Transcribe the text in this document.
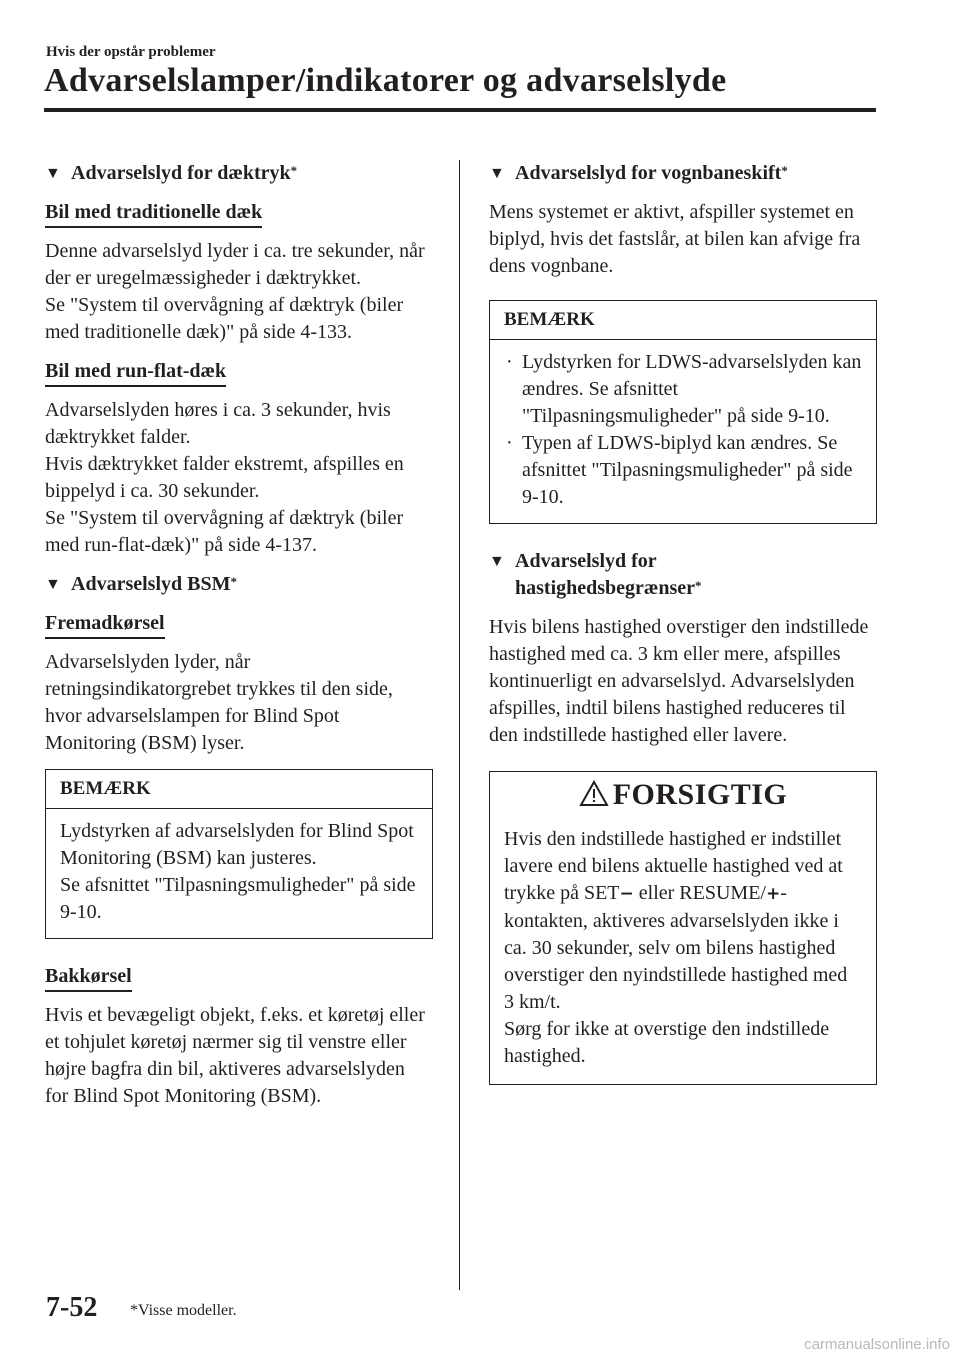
Hvis der opstår problemer
Advarselslamper/indikatorer og advarselslyde
▼ Advarselslyd for dæktryk*
Bil med traditionelle dæk
Denne advarselslyd lyder i ca. tre sekunder, når der er uregelmæssigheder i dæktrykket.
Se "System til overvågning af dæktryk (biler med traditionelle dæk)" på side 4-133.
Bil med run-flat-dæk
Advarselslyden høres i ca. 3 sekunder, hvis dæktrykket falder.
Hvis dæktrykket falder ekstremt, afspilles en bippelyd i ca. 30 sekunder.
Se "System til overvågning af dæktryk (biler med run-flat-dæk)" på side 4-137.
▼ Advarselslyd BSM*
Fremadkørsel
Advarselslyden lyder, når retningsindikatorgrebet trykkes til den side, hvor advarselslampen for Blind Spot Monitoring (BSM) lyser.
BEMÆRK
Lydstyrken af advarselslyden for Blind Spot Monitoring (BSM) kan justeres.
Se afsnittet "Tilpasningsmuligheder" på side 9-10.
Bakkørsel
Hvis et bevægeligt objekt, f.eks. et køretøj eller et tohjulet køretøj nærmer sig til venstre eller højre bagfra din bil, aktiveres advarselslyden for Blind Spot Monitoring (BSM).
▼ Advarselslyd for vognbaneskift*
Mens systemet er aktivt, afspiller systemet en biplyd, hvis det fastslår, at bilen kan afvige fra dens vognbane.
BEMÆRK
· Lydstyrken for LDWS-advarselslyden kan ændres. Se afsnittet "Tilpasningsmuligheder" på side 9-10.
· Typen af LDWS-biplyd kan ændres. Se afsnittet "Tilpasningsmuligheder" på side 9-10.
▼ Advarselslyd for
hastighedsbegrænser*
Hvis bilens hastighed overstiger den indstillede hastighed med ca. 3 km eller mere, afspilles kontinuerligt en advarselslyd. Advarselslyden afspilles, indtil bilens hastighed reduceres til den indstillede hastighed eller lavere.
FORSIGTIG
Hvis den indstillede hastighed er indstillet lavere end bilens aktuelle hastighed ved at trykke på SET− eller RESUME/+-kontakten, aktiveres advarselslyden ikke i ca. 30 sekunder, selv om bilens hastighed overstiger den nyindstillede hastighed med 3 km/t.
Sørg for ikke at overstige den indstillede hastighed.
7-52 *Visse modeller.
carmanualsonline.info
